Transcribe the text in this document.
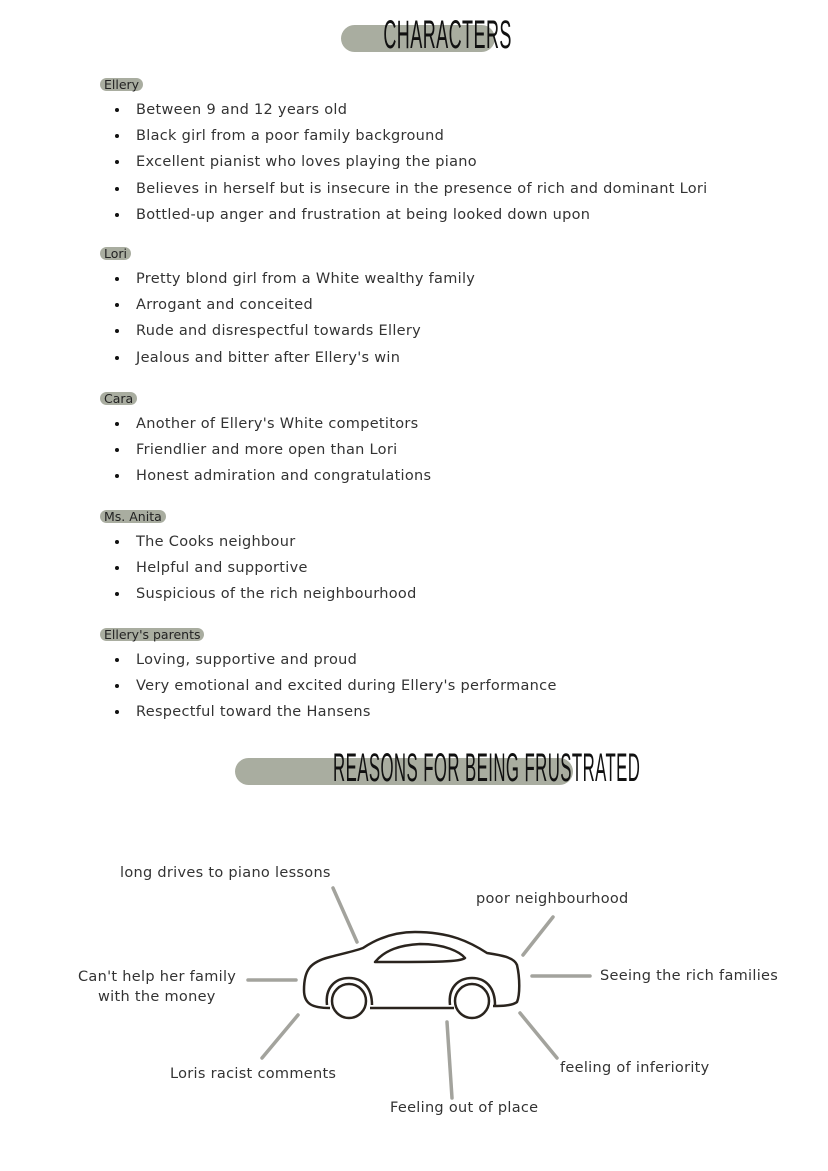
CHARACTERS
Ellery
• Between 9 and 12 years old
• Black girl from a poor family background
• Excellent pianist who loves playing the piano
• Believes in herself but is insecure in the presence of rich and dominant Lori
• Bottled-up anger and frustration at being looked down upon
Lori
• Pretty blond girl from a White wealthy family
• Arrogant and conceited
• Rude and disrespectful towards Ellery
• Jealous and bitter after Ellery's win
Cara
• Another of Ellery's White competitors
• Friendlier and more open than Lori
• Honest admiration and congratulations
Ms. Anita
• The Cooks neighbour
• Helpful and supportive
• Suspicious of the rich neighbourhood
Ellery's parents
• Loving, supportive and proud
• Very emotional and excited during Ellery's performance
• Respectful toward the Hansens
REASONS FOR BEING FRUSTRATED
long drives to piano lessons
poor neighbourhood
Can't help her family
with the money
Seeing the rich families
Loris racist comments
Feeling out of place
feeling of inferiority
